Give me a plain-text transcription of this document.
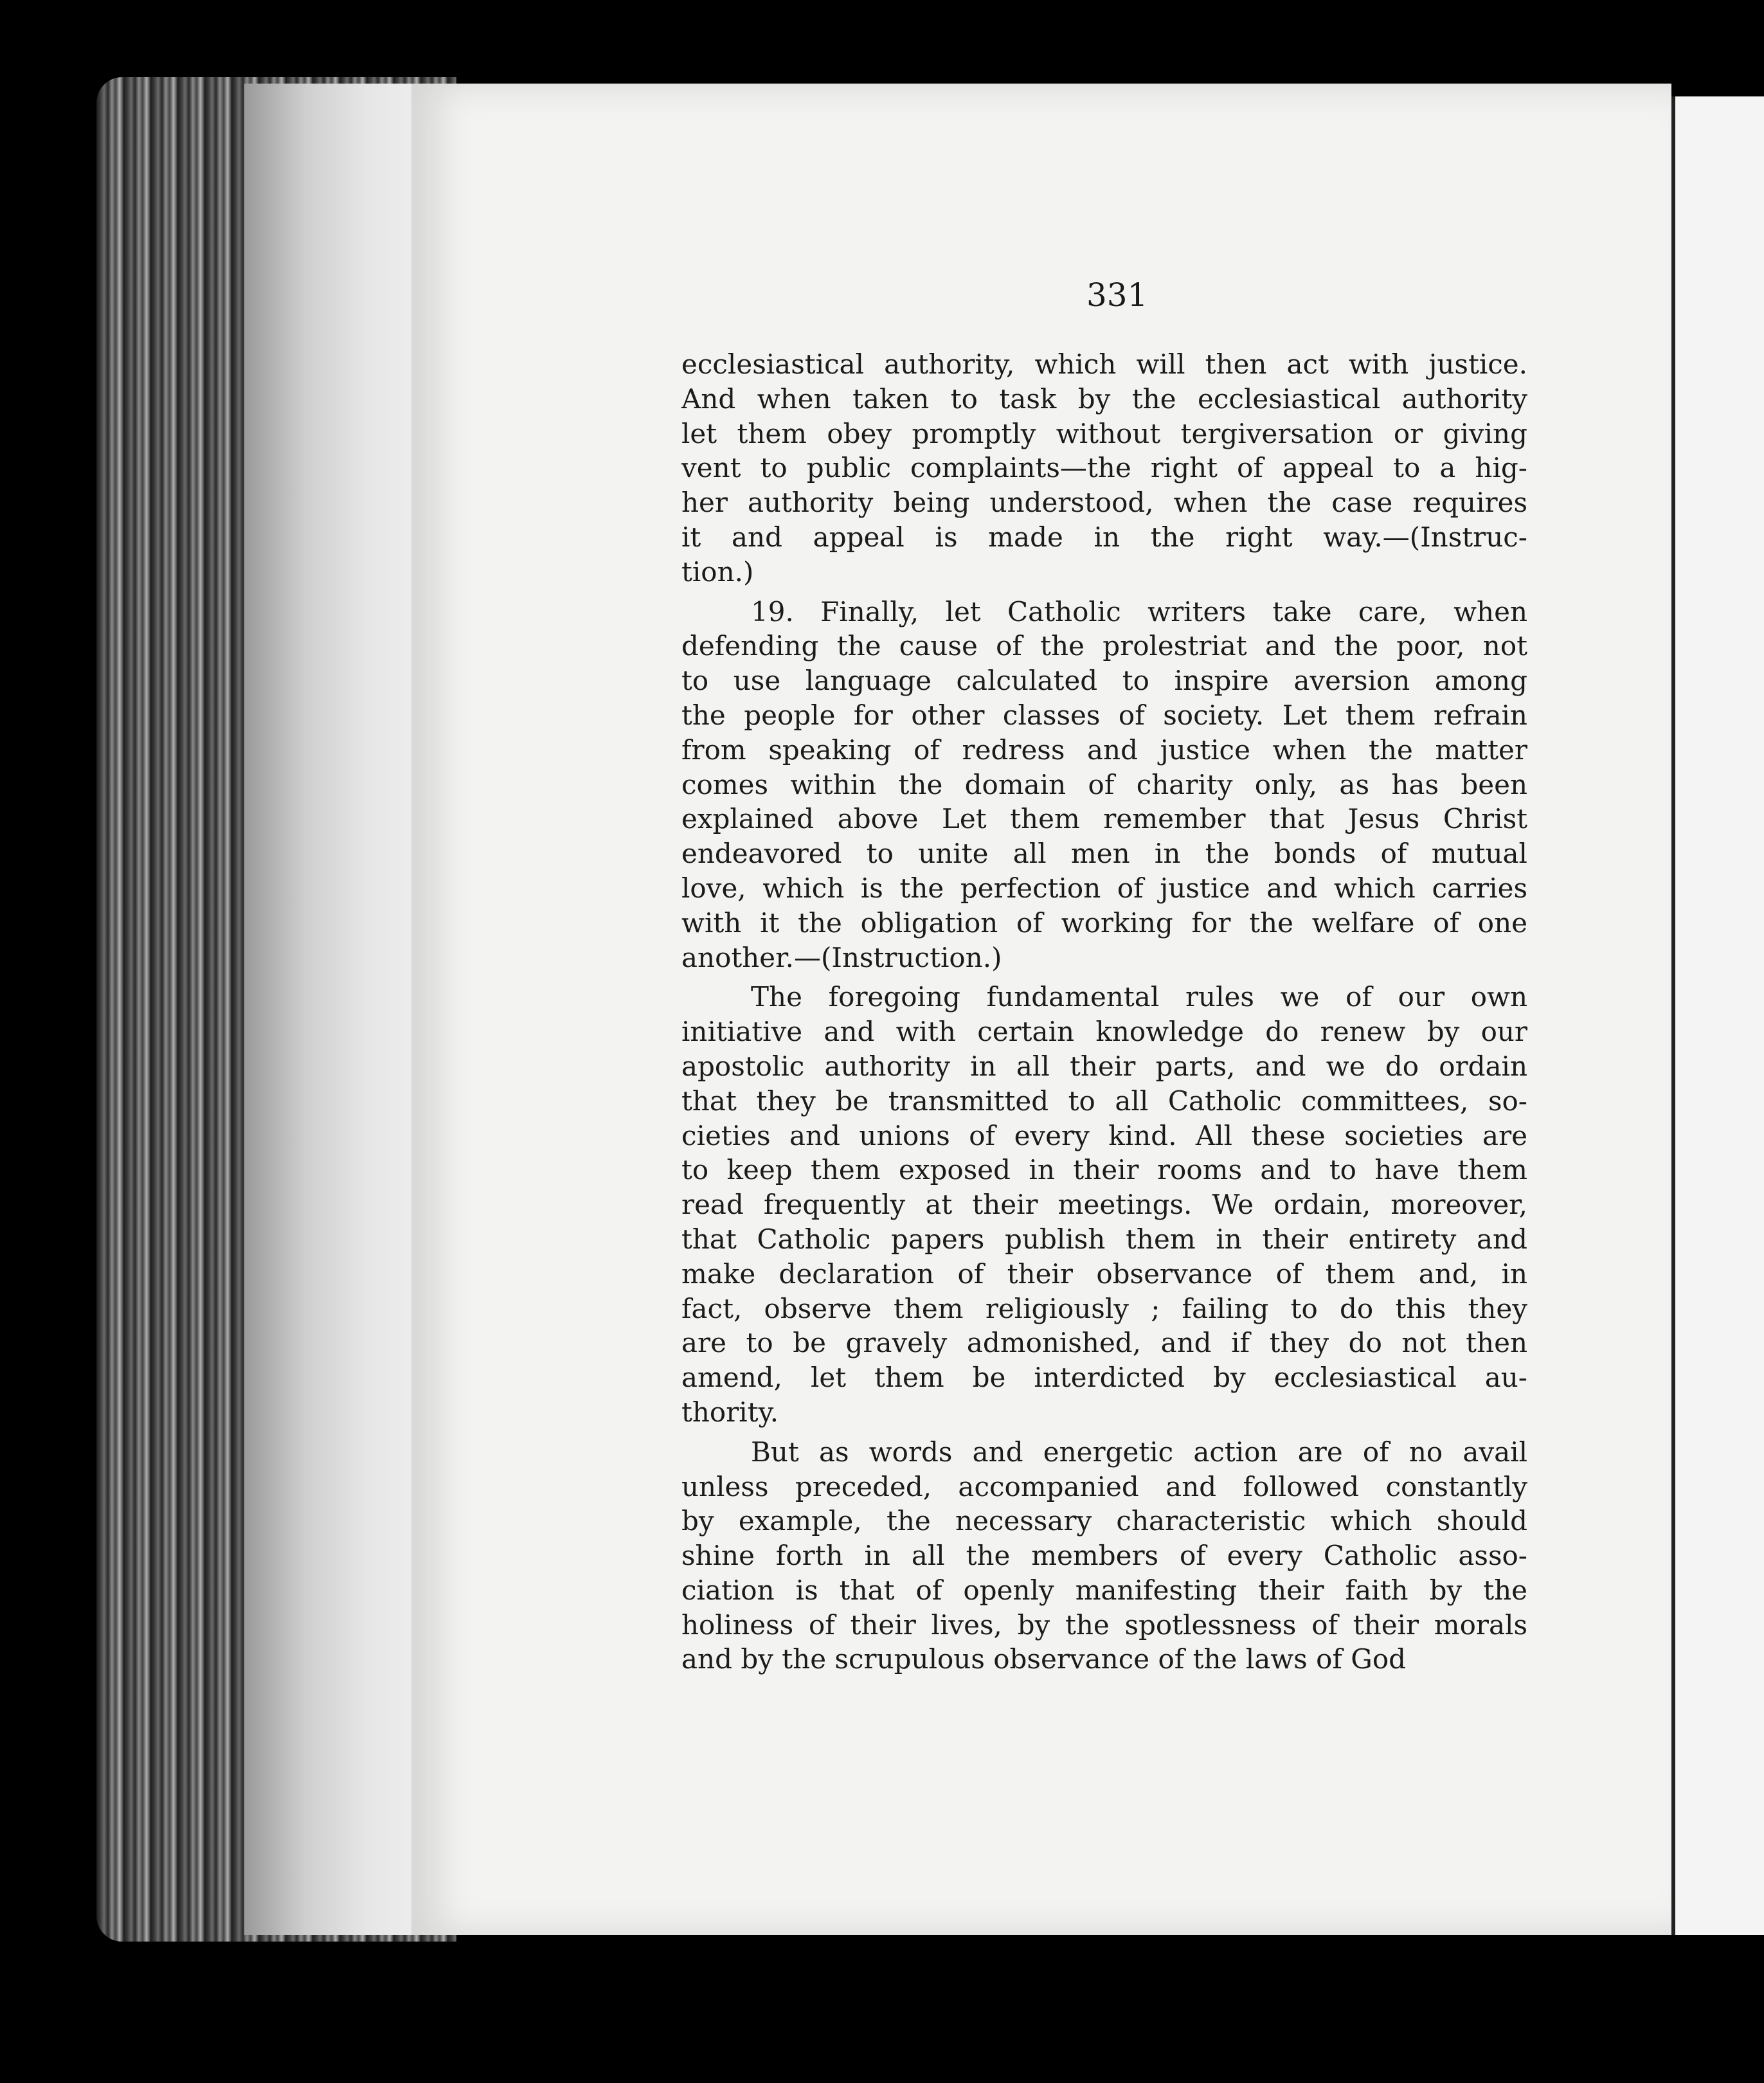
331
ecclesiastical authority, which will then act with justice.
And when taken to task by the ecclesiastical authority
let them obey promptly without tergiversation or giving
vent to public complaints—the right of appeal to a hig-
her authority being understood, when the case requires
it and appeal is made in the right way.—(Instruc-
tion.)
19. Finally, let Catholic writers take care, when
defending the cause of the prolestriat and the poor, not
to use language calculated to inspire aversion among
the people for other classes of society. Let them refrain
from speaking of redress and justice when the matter
comes within the domain of charity only, as has been
explained above Let them remember that Jesus Christ
endeavored to unite all men in the bonds of mutual
love, which is the perfection of justice and which carries
with it the obligation of working for the welfare of one
another.—(Instruction.)
The foregoing fundamental rules we of our own
initiative and with certain knowledge do renew by our
apostolic authority in all their parts, and we do ordain
that they be transmitted to all Catholic committees, so-
cieties and unions of every kind. All these societies are
to keep them exposed in their rooms and to have them
read frequently at their meetings. We ordain, moreover,
that Catholic papers publish them in their entirety and
make declaration of their observance of them and, in
fact, observe them religiously ; failing to do this they
are to be gravely admonished, and if they do not then
amend, let them be interdicted by ecclesiastical au-
thority.
But as words and energetic action are of no avail
unless preceded, accompanied and followed constantly
by example, the necessary characteristic which should
shine forth in all the members of every Catholic asso-
ciation is that of openly manifesting their faith by the
holiness of their lives, by the spotlessness of their morals
and by the scrupulous observance of the laws of God
